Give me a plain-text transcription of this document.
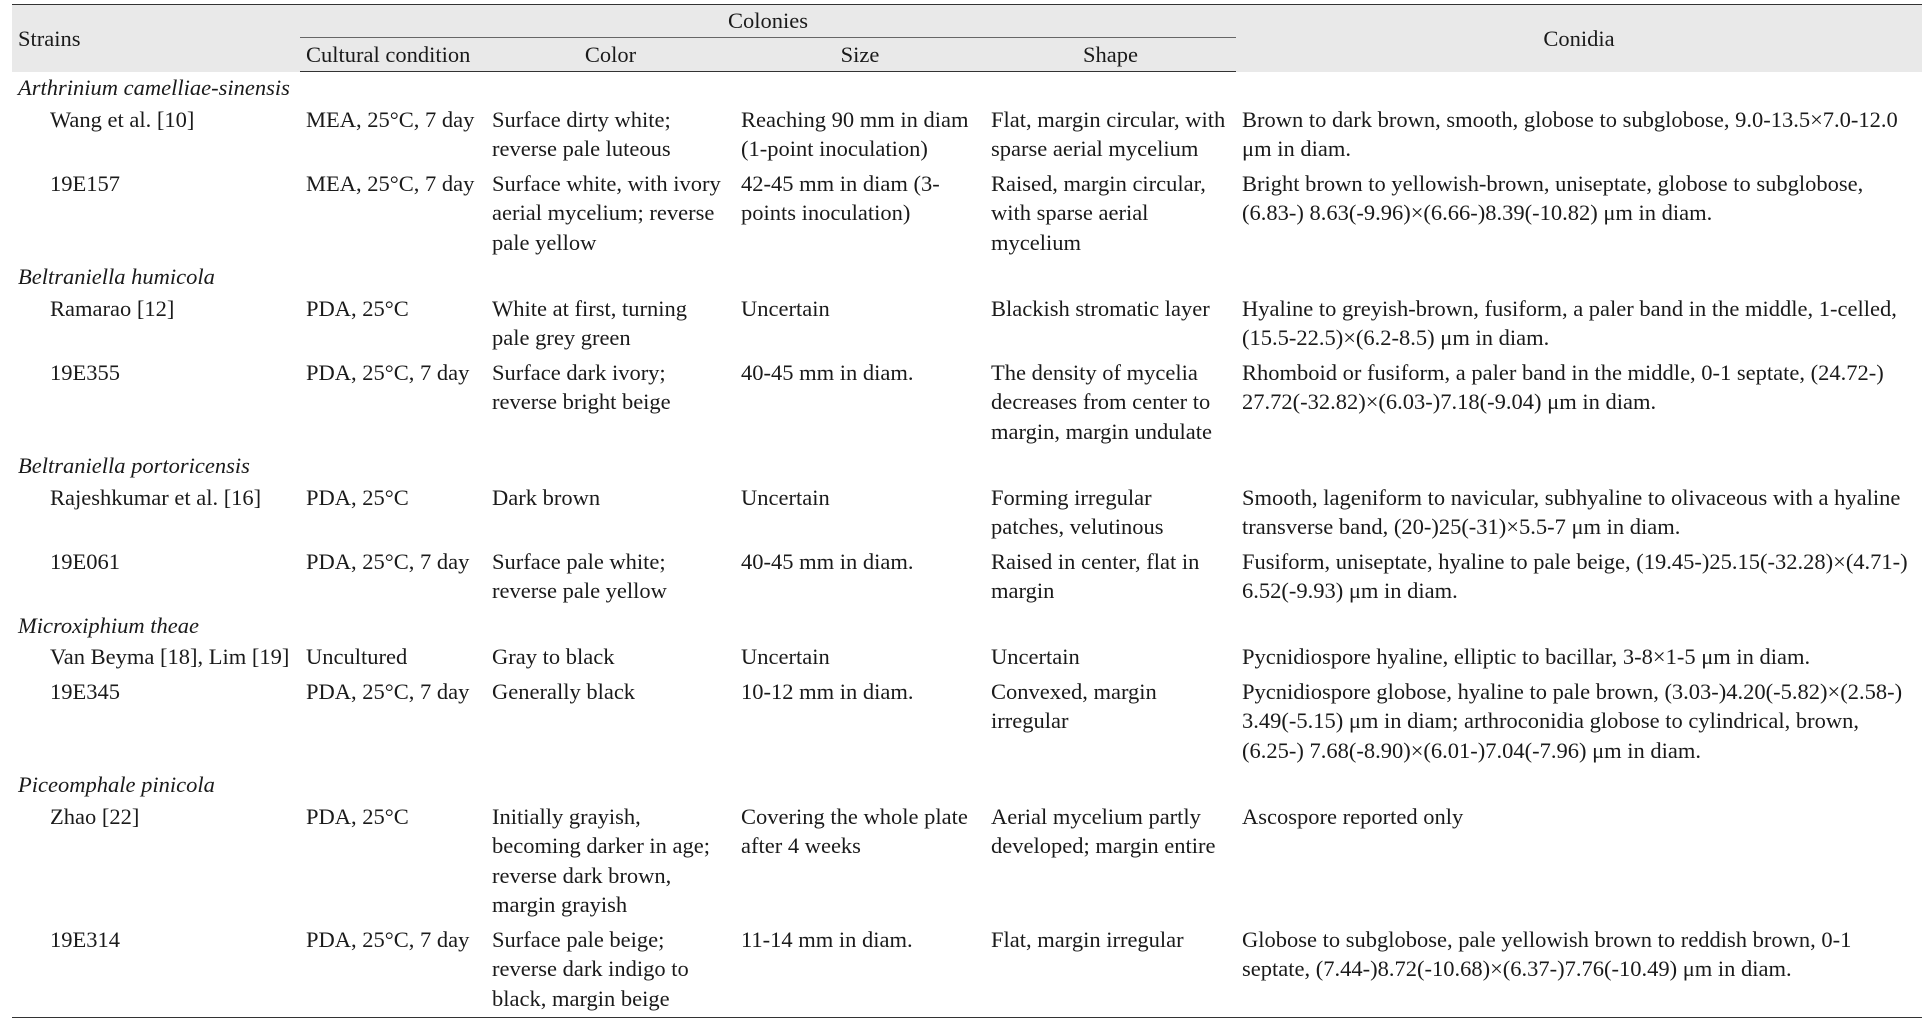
Strains	Colonies				Conidia
	Cultural condition	Color	Size	Shape	
Arthrinium camelliae-sinensis					
Wang et al. [10]	MEA, 25°C, 7 day	Surface dirty white; reverse pale luteous	Reaching 90 mm in diam (1-point inoculation)	Flat, margin circular, with sparse aerial mycelium	Brown to dark brown, smooth, globose to subglobose, 9.0-13.5×7.0-12.0 μm in diam.
19E157	MEA, 25°C, 7 day	Surface white, with ivory aerial mycelium; reverse pale yellow	42-45 mm in diam (3-points inoculation)	Raised, margin circular, with sparse aerial mycelium	Bright brown to yellowish-brown, uniseptate, globose to subglobose, (6.83-) 8.63(-9.96)×(6.66-)8.39(-10.82) μm in diam.
Beltraniella humicola					
Ramarao [12]	PDA, 25°C	White at first, turning pale grey green	Uncertain	Blackish stromatic layer	Hyaline to greyish-brown, fusiform, a paler band in the middle, 1-celled, (15.5-22.5)×(6.2-8.5) μm in diam.
19E355	PDA, 25°C, 7 day	Surface dark ivory; reverse bright beige	40-45 mm in diam.	The density of mycelia decreases from center to margin, margin undulate	Rhomboid or fusiform, a paler band in the middle, 0-1 septate, (24.72-) 27.72(-32.82)×(6.03-)7.18(-9.04) μm in diam.
Beltraniella portoricensis					
Rajeshkumar et al. [16]	PDA, 25°C	Dark brown	Uncertain	Forming irregular patches, velutinous	Smooth, lageniform to navicular, subhyaline to olivaceous with a hyaline transverse band, (20-)25(-31)×5.5-7 μm in diam.
19E061	PDA, 25°C, 7 day	Surface pale white; reverse pale yellow	40-45 mm in diam.	Raised in center, flat in margin	Fusiform, uniseptate, hyaline to pale beige, (19.45-)25.15(-32.28)×(4.71-) 6.52(-9.93) μm in diam.
Microxiphium theae					
Van Beyma [18], Lim [19]	Uncultured	Gray to black	Uncertain	Uncertain	Pycnidiospore hyaline, elliptic to bacillar, 3-8×1-5 μm in diam.
19E345	PDA, 25°C, 7 day	Generally black	10-12 mm in diam.	Convexed, margin irregular	Pycnidiospore globose, hyaline to pale brown, (3.03-)4.20(-5.82)×(2.58-) 3.49(-5.15) μm in diam; arthroconidia globose to cylindrical, brown, (6.25-) 7.68(-8.90)×(6.01-)7.04(-7.96) μm in diam.
Piceomphale pinicola					
Zhao [22]	PDA, 25°C	Initially grayish, becoming darker in age; reverse dark brown, margin grayish	Covering the whole plate after 4 weeks	Aerial mycelium partly developed; margin entire	Ascospore reported only
19E314	PDA, 25°C, 7 day	Surface pale beige; reverse dark indigo to black, margin beige	11-14 mm in diam.	Flat, margin irregular	Globose to subglobose, pale yellowish brown to reddish brown, 0-1 septate, (7.44-)8.72(-10.68)×(6.37-)7.76(-10.49) μm in diam.
